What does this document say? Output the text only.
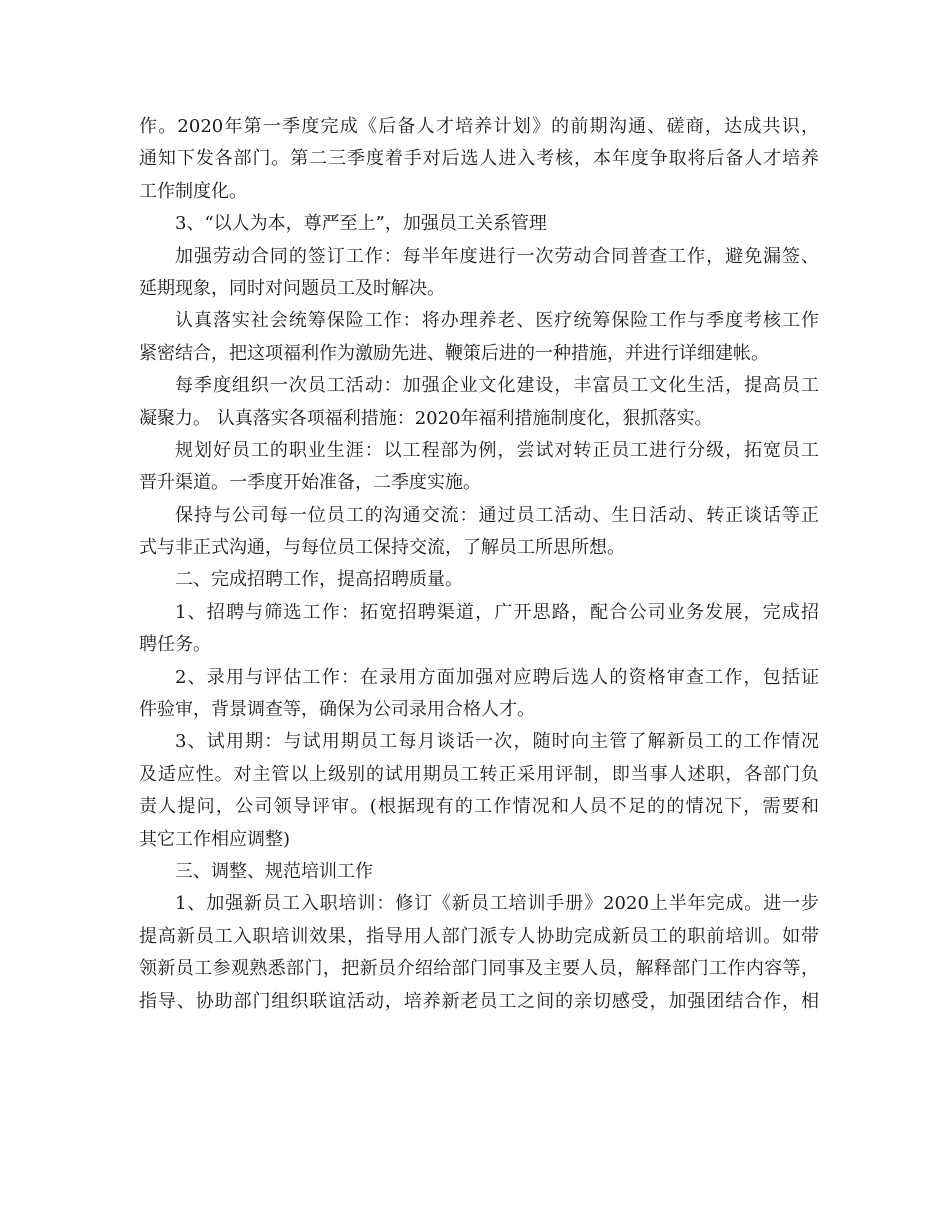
作。2020年第一季度完成《后备人才培养计划》的前期沟通、磋商，达成共识，
通知下发各部门。第二三季度着手对后选人进入考核，本年度争取将后备人才培养
工作制度化。
3、“以人为本，尊严至上”，加强员工关系管理
加强劳动合同的签订工作：每半年度进行一次劳动合同普查工作，避免漏签、
延期现象，同时对问题员工及时解决。
认真落实社会统筹保险工作：将办理养老、医疗统筹保险工作与季度考核工作
紧密结合，把这项福利作为激励先进、鞭策后进的一种措施，并进行详细建帐。
每季度组织一次员工活动：加强企业文化建设，丰富员工文化生活，提高员工
凝聚力。 认真落实各项福利措施：2020年福利措施制度化，狠抓落实。
规划好员工的职业生涯：以工程部为例，尝试对转正员工进行分级，拓宽员工
晋升渠道。一季度开始准备，二季度实施。
保持与公司每一位员工的沟通交流：通过员工活动、生日活动、转正谈话等正
式与非正式沟通，与每位员工保持交流，了解员工所思所想。
二、完成招聘工作，提高招聘质量。
1、招聘与筛选工作：拓宽招聘渠道，广开思路，配合公司业务发展，完成招
聘任务。
2、录用与评估工作：在录用方面加强对应聘后选人的资格审查工作，包括证
件验审，背景调查等，确保为公司录用合格人才。
3、试用期：与试用期员工每月谈话一次，随时向主管了解新员工的工作情况
及适应性。对主管以上级别的试用期员工转正采用评制，即当事人述职，各部门负
责人提问，公司领导评审。(根据现有的工作情况和人员不足的的情况下，需要和
其它工作相应调整)
三、调整、规范培训工作
1、加强新员工入职培训：修订《新员工培训手册》2020上半年完成。进一步
提高新员工入职培训效果，指导用人部门派专人协助完成新员工的职前培训。如带
领新员工参观熟悉部门，把新员介绍给部门同事及主要人员，解释部门工作内容等，
指导、协助部门组织联谊活动，培养新老员工之间的亲切感受，加强团结合作，相
